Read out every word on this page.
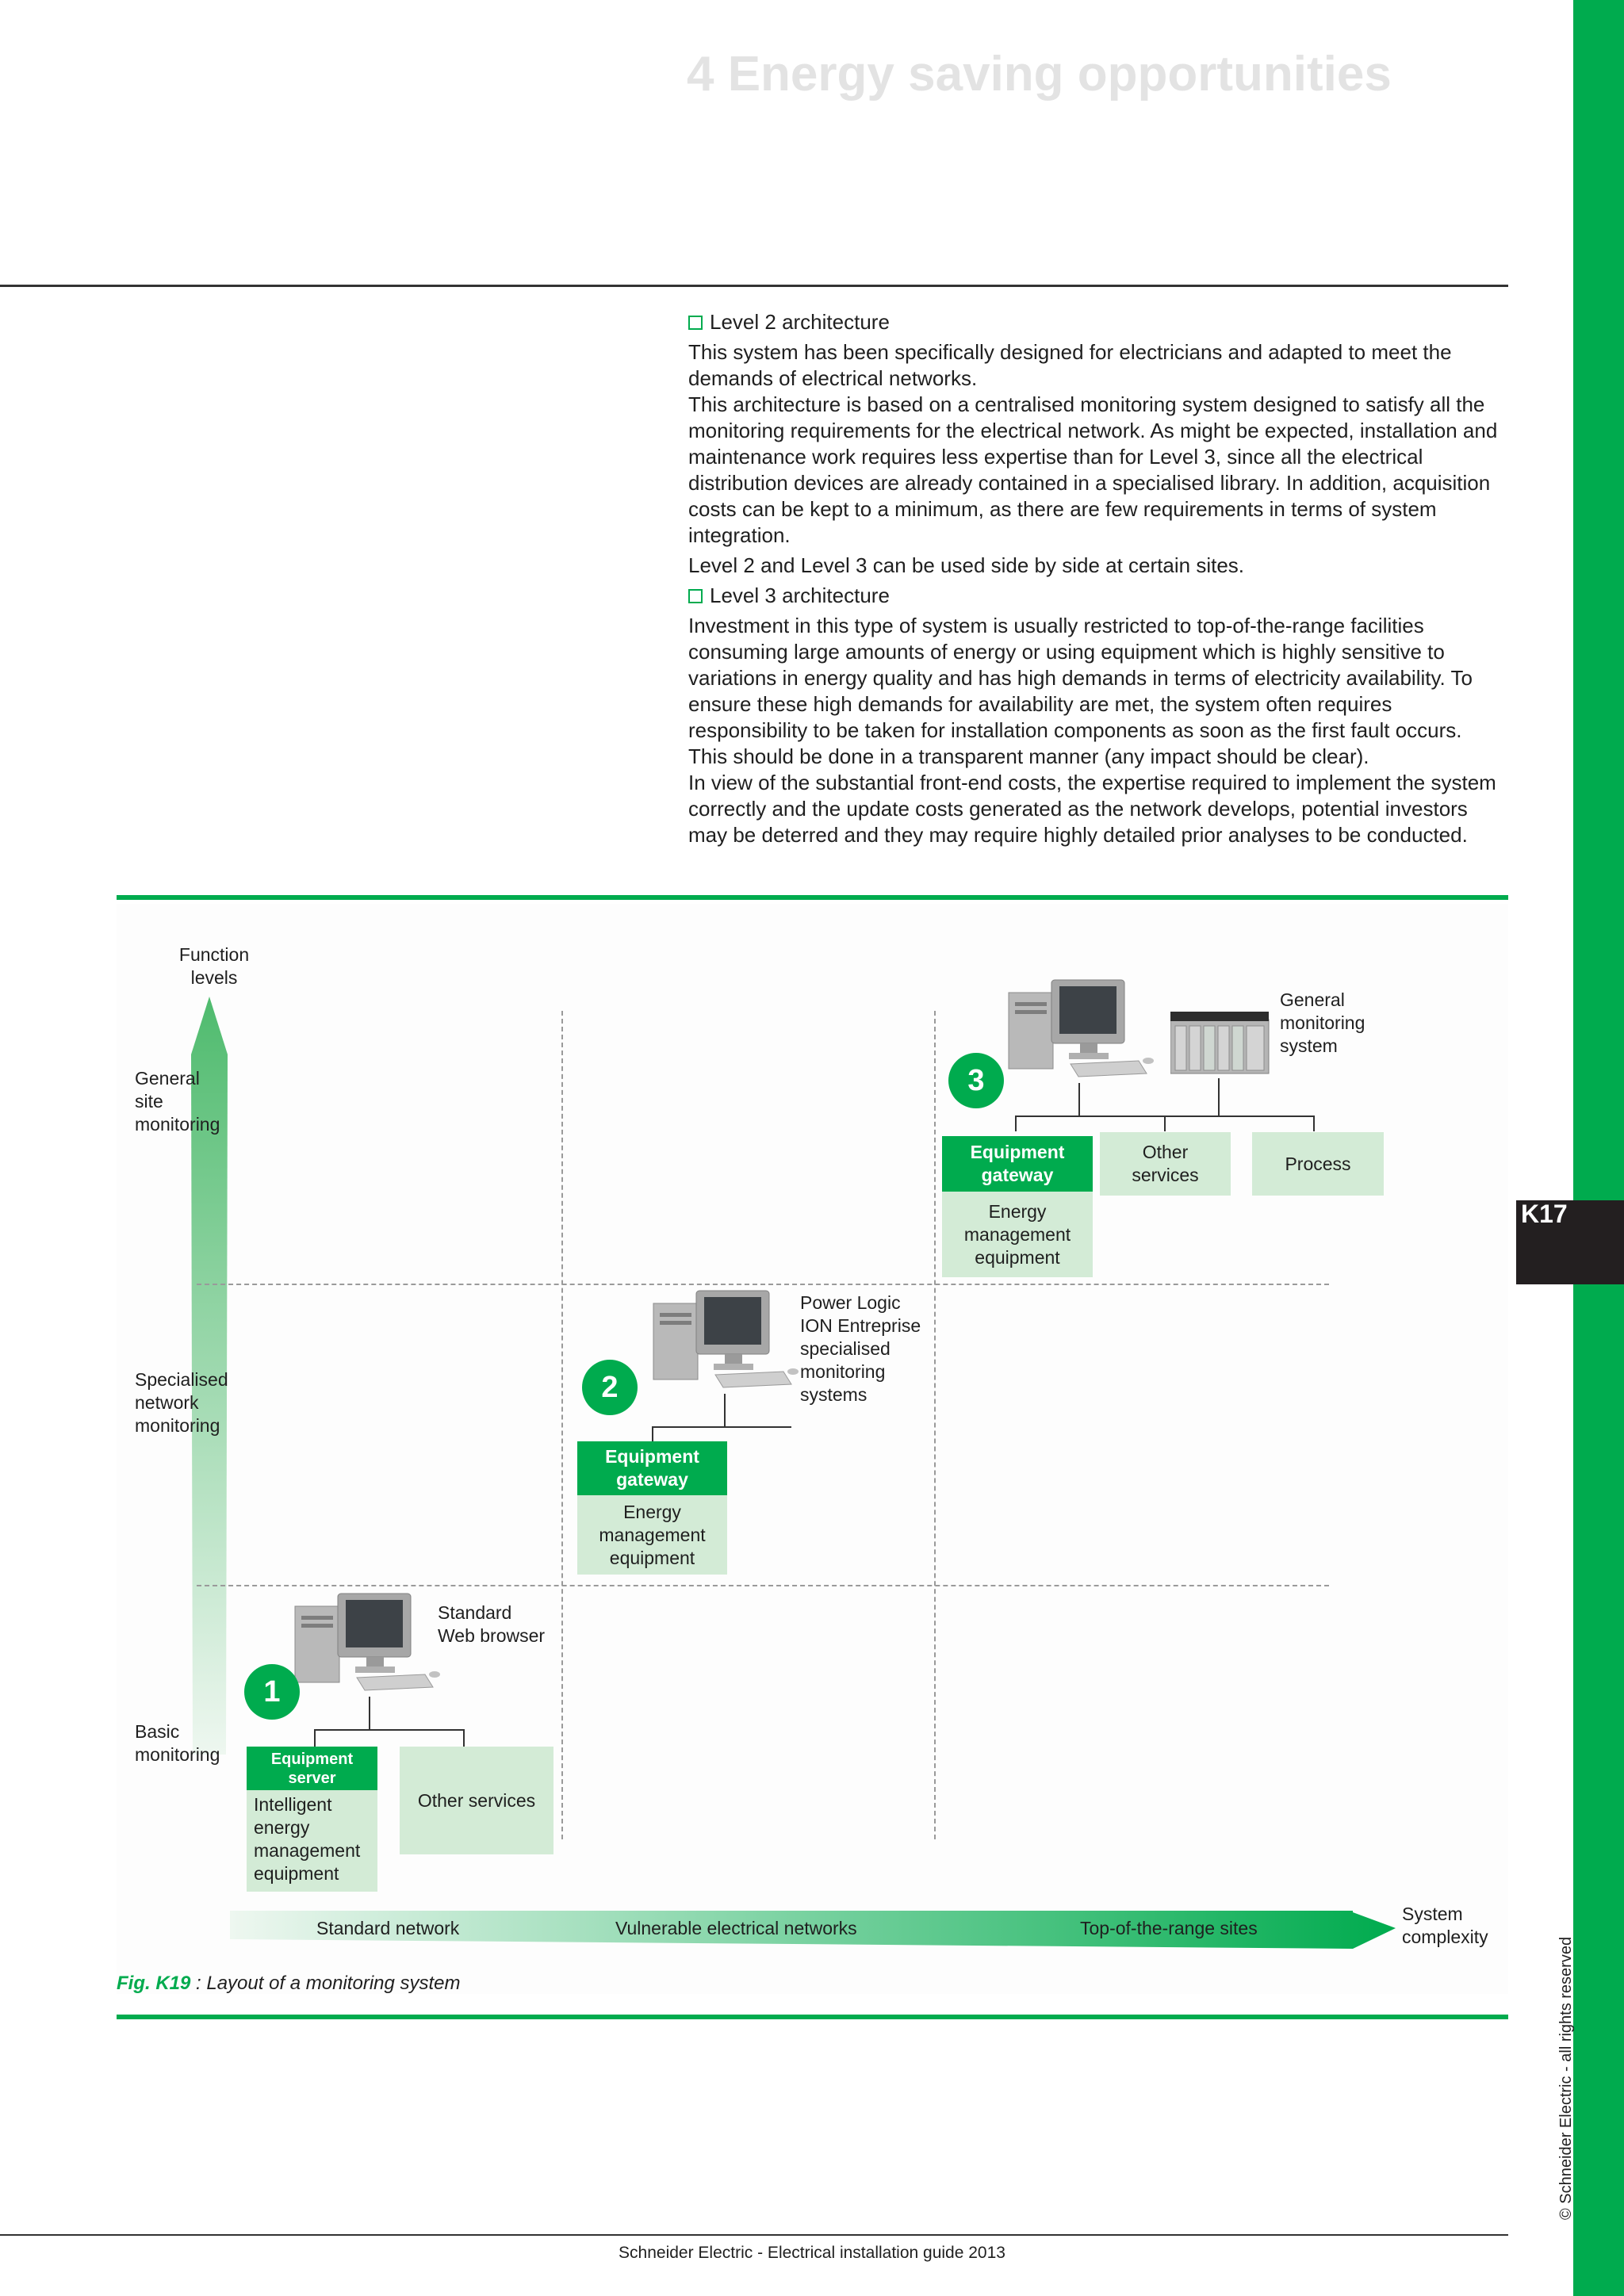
4 Energy saving opportunities
K17
© Schneider Electric - all rights reserved

Level 2 architecture

This system has been specifically designed for electricians and adapted to meet the demands of electrical networks.

This architecture is based on a centralised monitoring system designed to satisfy all the monitoring requirements for the electrical network. As might be expected, installation and maintenance work requires less expertise than for Level 3, since all the electrical distribution devices are already contained in a specialised library. In addition, acquisition costs can be kept to a minimum, as there are few requirements in terms of system integration.

Level 2 and Level 3 can be used side by side at certain sites.

Level 3 architecture

Investment in this type of system is usually restricted to top-of-the-range facilities consuming large amounts of energy or using equipment which is highly sensitive to variations in energy quality and has high demands in terms of electricity availability. To ensure these high demands for availability are met, the system often requires responsibility to be taken for installation components as soon as the first fault occurs. This should be done in a transparent manner (any impact should be clear).

In view of the substantial front-end costs, the expertise required to implement the system correctly and the update costs generated as the network develops, potential investors may be deterred and they may require highly detailed prior analyses to be conducted.

Function
levels
General
site
monitoring
Specialised
network
monitoring
Basic
monitoring
Standard
Web browser
1
Equipment
server
Intelligent
energy
management
equipment
Other services
Power Logic
ION Entreprise
specialised
monitoring
systems
2
Equipment
gateway
Energy
management
equipment
General
monitoring
system
3
Equipment
gateway
Energy
management
equipment
Other
services
Process
Standard network	Vulnerable electrical networks	Top-of-the-range sites
System
complexity
Fig. K19 : Layout of a monitoring system
Schneider Electric - Electrical installation guide 2013
